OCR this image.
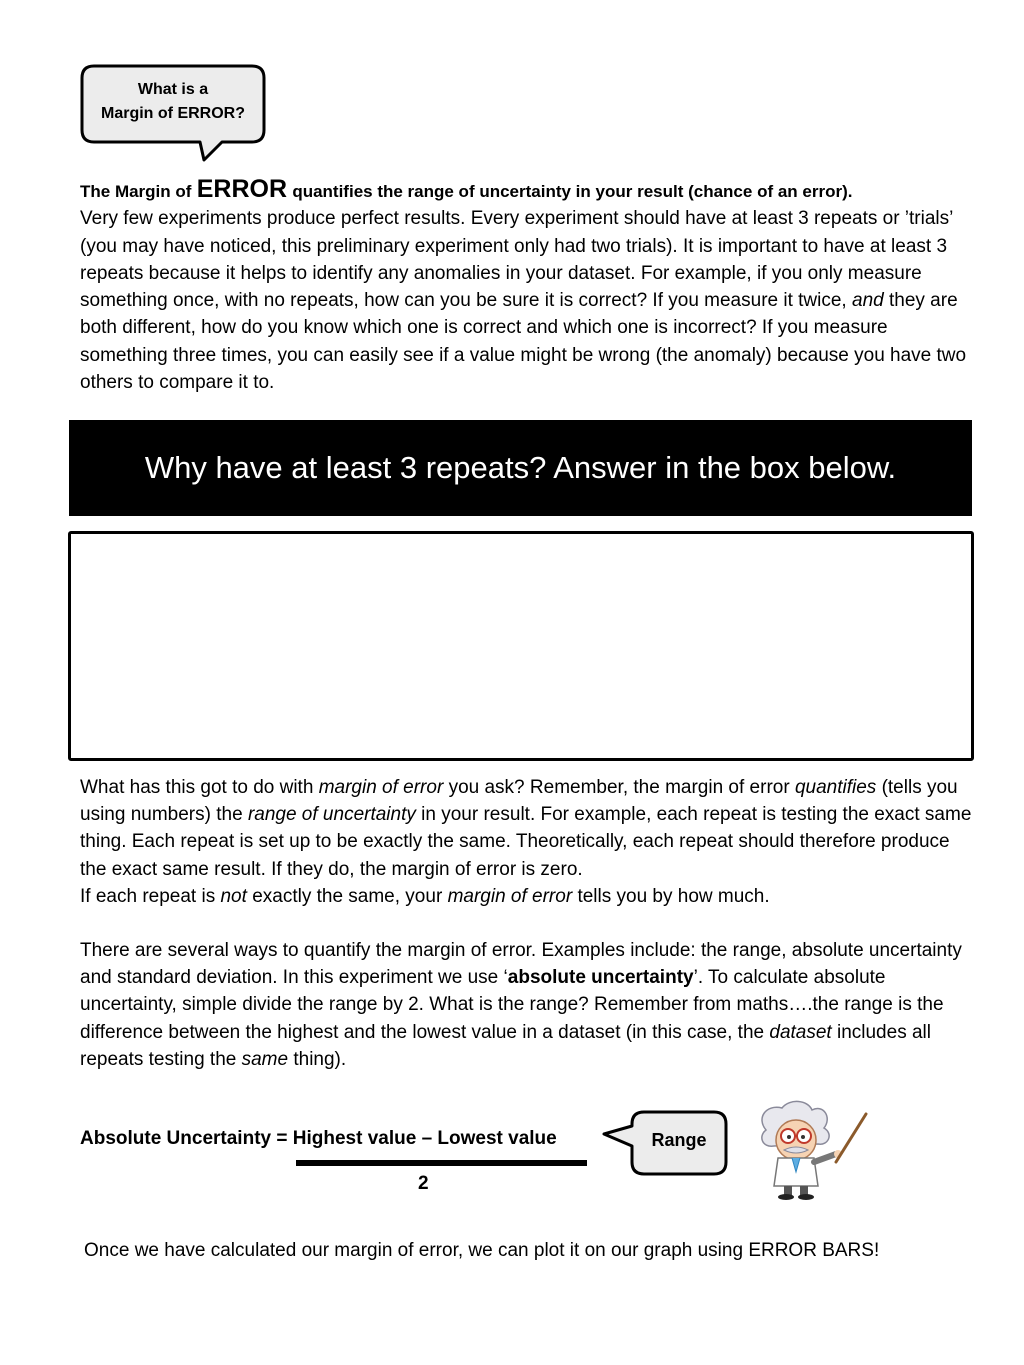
What is a
Margin of ERROR?
The Margin of ERROR quantifies the range of uncertainty in your result (chance of an error).
Very few experiments produce perfect results. Every experiment should have at least 3 repeats or ’trials’ (you may have noticed, this preliminary experiment only had two trials). It is important to have at least 3 repeats because it helps to identify any anomalies in your dataset. For example, if you only measure something once, with no repeats, how can you be sure it is correct? If you measure it twice, and they are both different, how do you know which one is correct and which one is incorrect? If you measure something three times, you can easily see if a value might be wrong (the anomaly) because you have two others to compare it to.
Why have at least 3 repeats? Answer in the box below.
What has this got to do with margin of error you ask? Remember, the margin of error quantifies (tells you using numbers) the range of uncertainty in your result. For example, each repeat is testing the exact same thing. Each repeat is set up to be exactly the same. Theoretically, each repeat should therefore produce the exact same result. If they do, the margin of error is zero.
If each repeat is not exactly the same, your margin of error tells you by how much.
There are several ways to quantify the margin of error. Examples include: the range, absolute uncertainty and standard deviation. In this experiment we use ‘absolute uncertainty’. To calculate absolute uncertainty, simple divide the range by 2. What is the range? Remember from maths….the range is the difference between the highest and the lowest value in a dataset (in this case, the dataset includes all repeats testing the same thing).
Absolute Uncertainty = Highest value – Lowest value
2
Range
Once we have calculated our margin of error, we can plot it on our graph using ERROR BARS!
